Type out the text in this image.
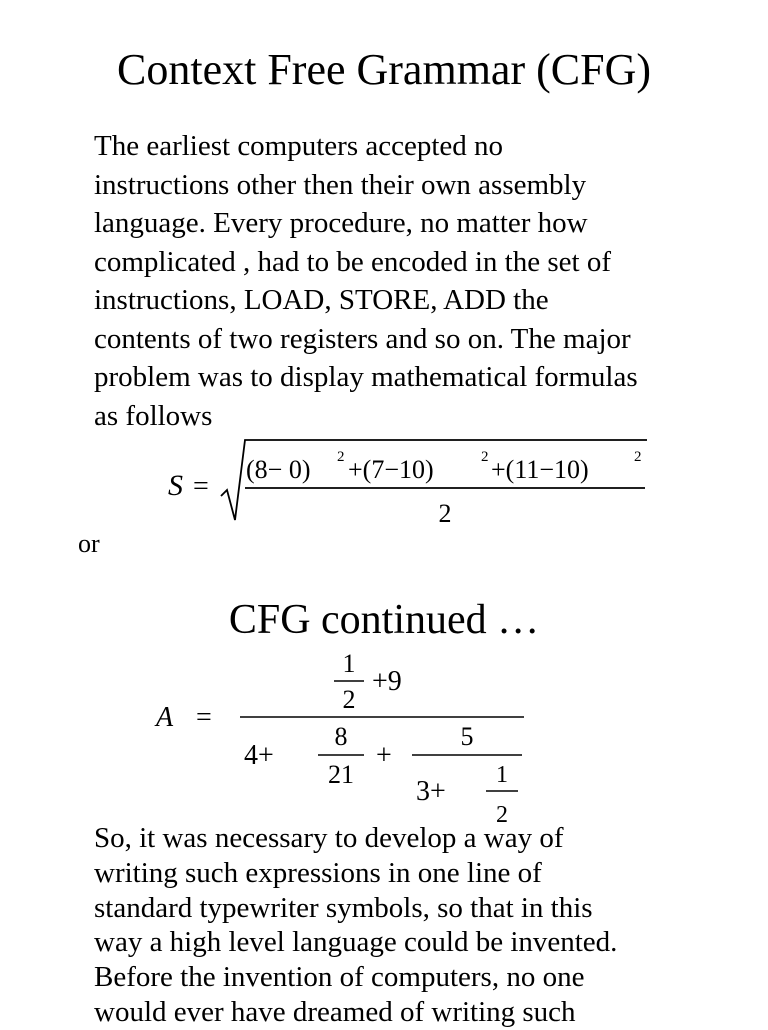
Context Free Grammar (CFG)
The earliest computers accepted no
instructions other then their own assembly
language. Every procedure, no matter how
complicated , had to be encoded in the set of
instructions, LOAD, STORE, ADD the
contents of two registers and so on. The major
problem was to display mathematical formulas
as follows
S =
(8− 0) 2 +(7−10)	2 +(11−10)	2
2
or
CFG continued …
A =
1
2
+9
4+
8
21
+
5
3+
1
2
So, it was necessary to develop a way of
writing such expressions in one line of
standard typewriter symbols, so that in this
way a high level language could be invented.
Before the invention of computers, no one
would ever have dreamed of writing such
